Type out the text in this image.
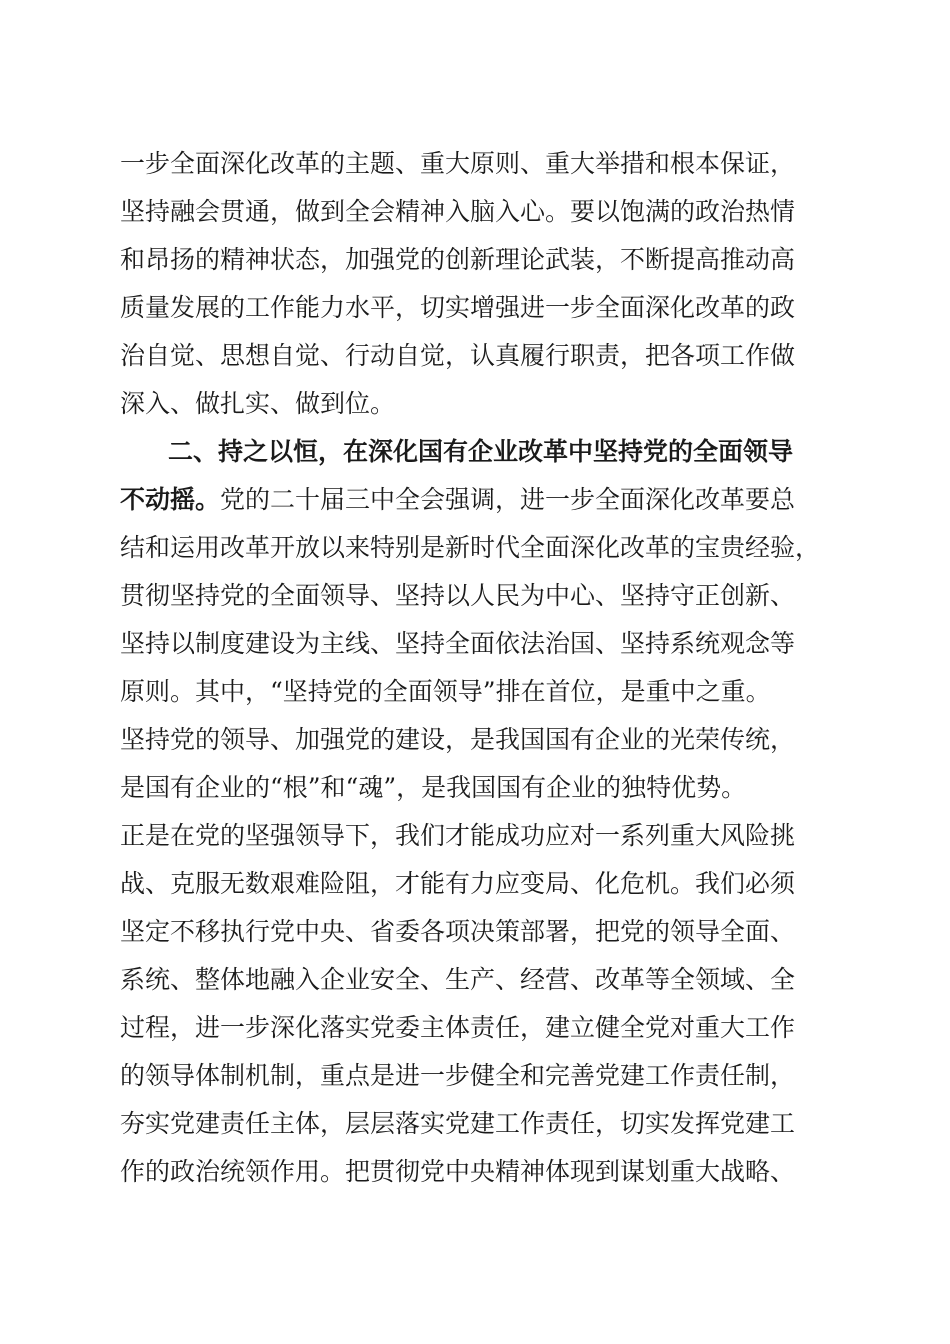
一步全面深化改革的主题、重大原则、重大举措和根本保证，
坚持融会贯通，做到全会精神入脑入心。要以饱满的政治热情
和昂扬的精神状态，加强党的创新理论武装，不断提高推动高
质量发展的工作能力水平，切实增强进一步全面深化改革的政
治自觉、思想自觉、行动自觉，认真履行职责，把各项工作做
深入、做扎实、做到位。
二、持之以恒，在深化国有企业改革中坚持党的全面领导
不动摇。党的二十届三中全会强调，进一步全面深化改革要总
结和运用改革开放以来特别是新时代全面深化改革的宝贵经验，
贯彻坚持党的全面领导、坚持以人民为中心、坚持守正创新、
坚持以制度建设为主线、坚持全面依法治国、坚持系统观念等
原则。其中，“坚持党的全面领导”排在首位，是重中之重。
坚持党的领导、加强党的建设，是我国国有企业的光荣传统，
是国有企业的“根”和“魂”，是我国国有企业的独特优势。
正是在党的坚强领导下，我们才能成功应对一系列重大风险挑
战、克服无数艰难险阻，才能有力应变局、化危机。我们必须
坚定不移执行党中央、省委各项决策部署，把党的领导全面、
系统、整体地融入企业安全、生产、经营、改革等全领域、全
过程，进一步深化落实党委主体责任，建立健全党对重大工作
的领导体制机制，重点是进一步健全和完善党建工作责任制，
夯实党建责任主体，层层落实党建工作责任，切实发挥党建工
作的政治统领作用。把贯彻党中央精神体现到谋划重大战略、
